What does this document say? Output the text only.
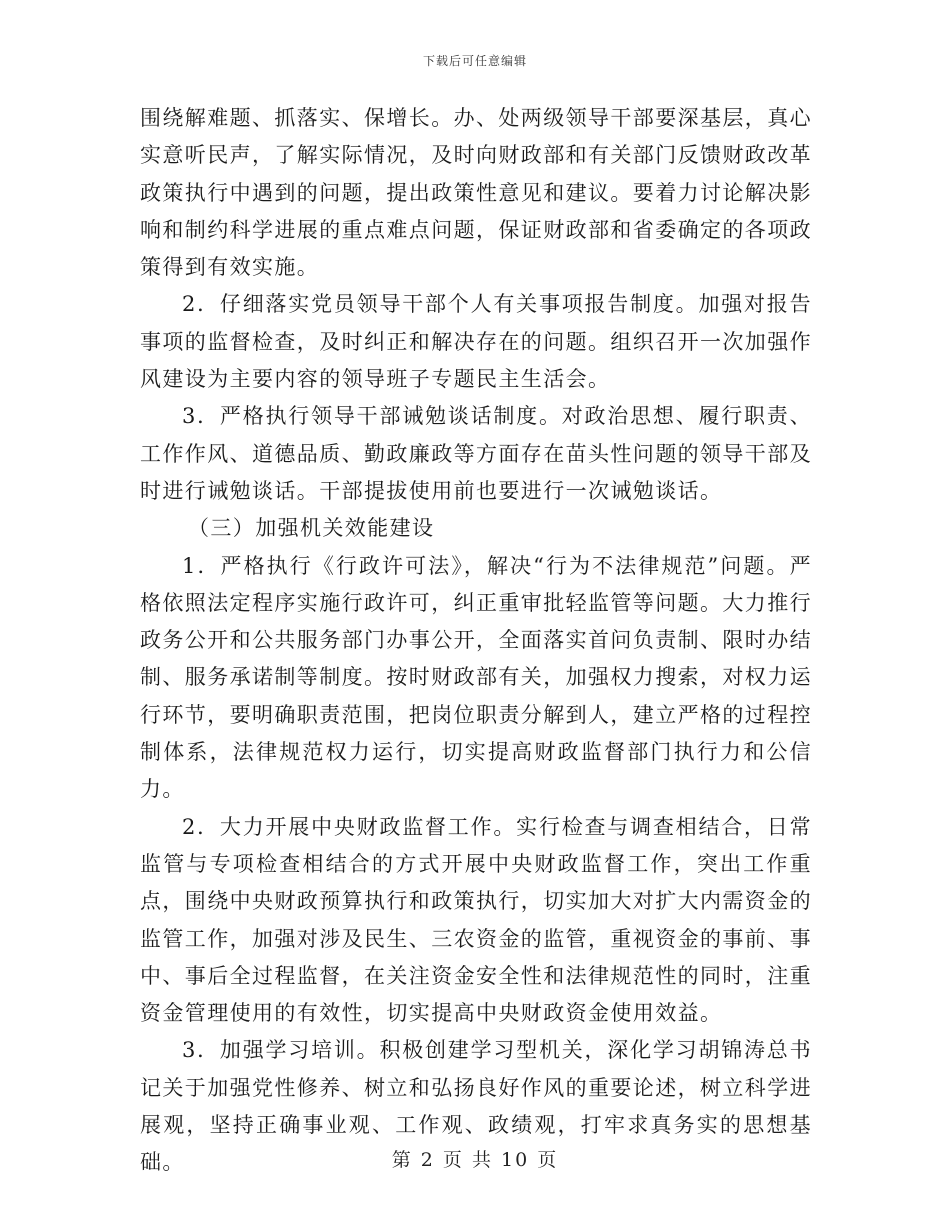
下载后可任意编辑

围绕解难题、抓落实、保增长。办、处两级领导干部要深基层，真心实意听民声，了解实际情况，及时向财政部和有关部门反馈财政改革政策执行中遇到的问题，提出政策性意见和建议。要着力讨论解决影响和制约科学进展的重点难点问题，保证财政部和省委确定的各项政策得到有效实施。

2．仔细落实党员领导干部个人有关事项报告制度。加强对报告事项的监督检查，及时纠正和解决存在的问题。组织召开一次加强作风建设为主要内容的领导班子专题民主生活会。

3．严格执行领导干部诫勉谈话制度。对政治思想、履行职责、工作作风、道德品质、勤政廉政等方面存在苗头性问题的领导干部及时进行诫勉谈话。干部提拔使用前也要进行一次诫勉谈话。

（三）加强机关效能建设

1．严格执行《行政许可法》，解决“行为不法律规范”问题。严格依照法定程序实施行政许可，纠正重审批轻监管等问题。大力推行政务公开和公共服务部门办事公开，全面落实首问负责制、限时办结制、服务承诺制等制度。按时财政部有关，加强权力搜索，对权力运行环节，要明确职责范围，把岗位职责分解到人，建立严格的过程控制体系，法律规范权力运行，切实提高财政监督部门执行力和公信力。

2．大力开展中央财政监督工作。实行检查与调查相结合，日常监管与专项检查相结合的方式开展中央财政监督工作，突出工作重点，围绕中央财政预算执行和政策执行，切实加大对扩大内需资金的监管工作，加强对涉及民生、三农资金的监管，重视资金的事前、事中、事后全过程监督，在关注资金安全性和法律规范性的同时，注重资金管理使用的有效性，切实提高中央财政资金使用效益。

3．加强学习培训。积极创建学习型机关，深化学习胡锦涛总书记关于加强党性修养、树立和弘扬良好作风的重要论述，树立科学进展观，坚持正确事业观、工作观、政绩观，打牢求真务实的思想基础。	第 2 页 共 10 页
